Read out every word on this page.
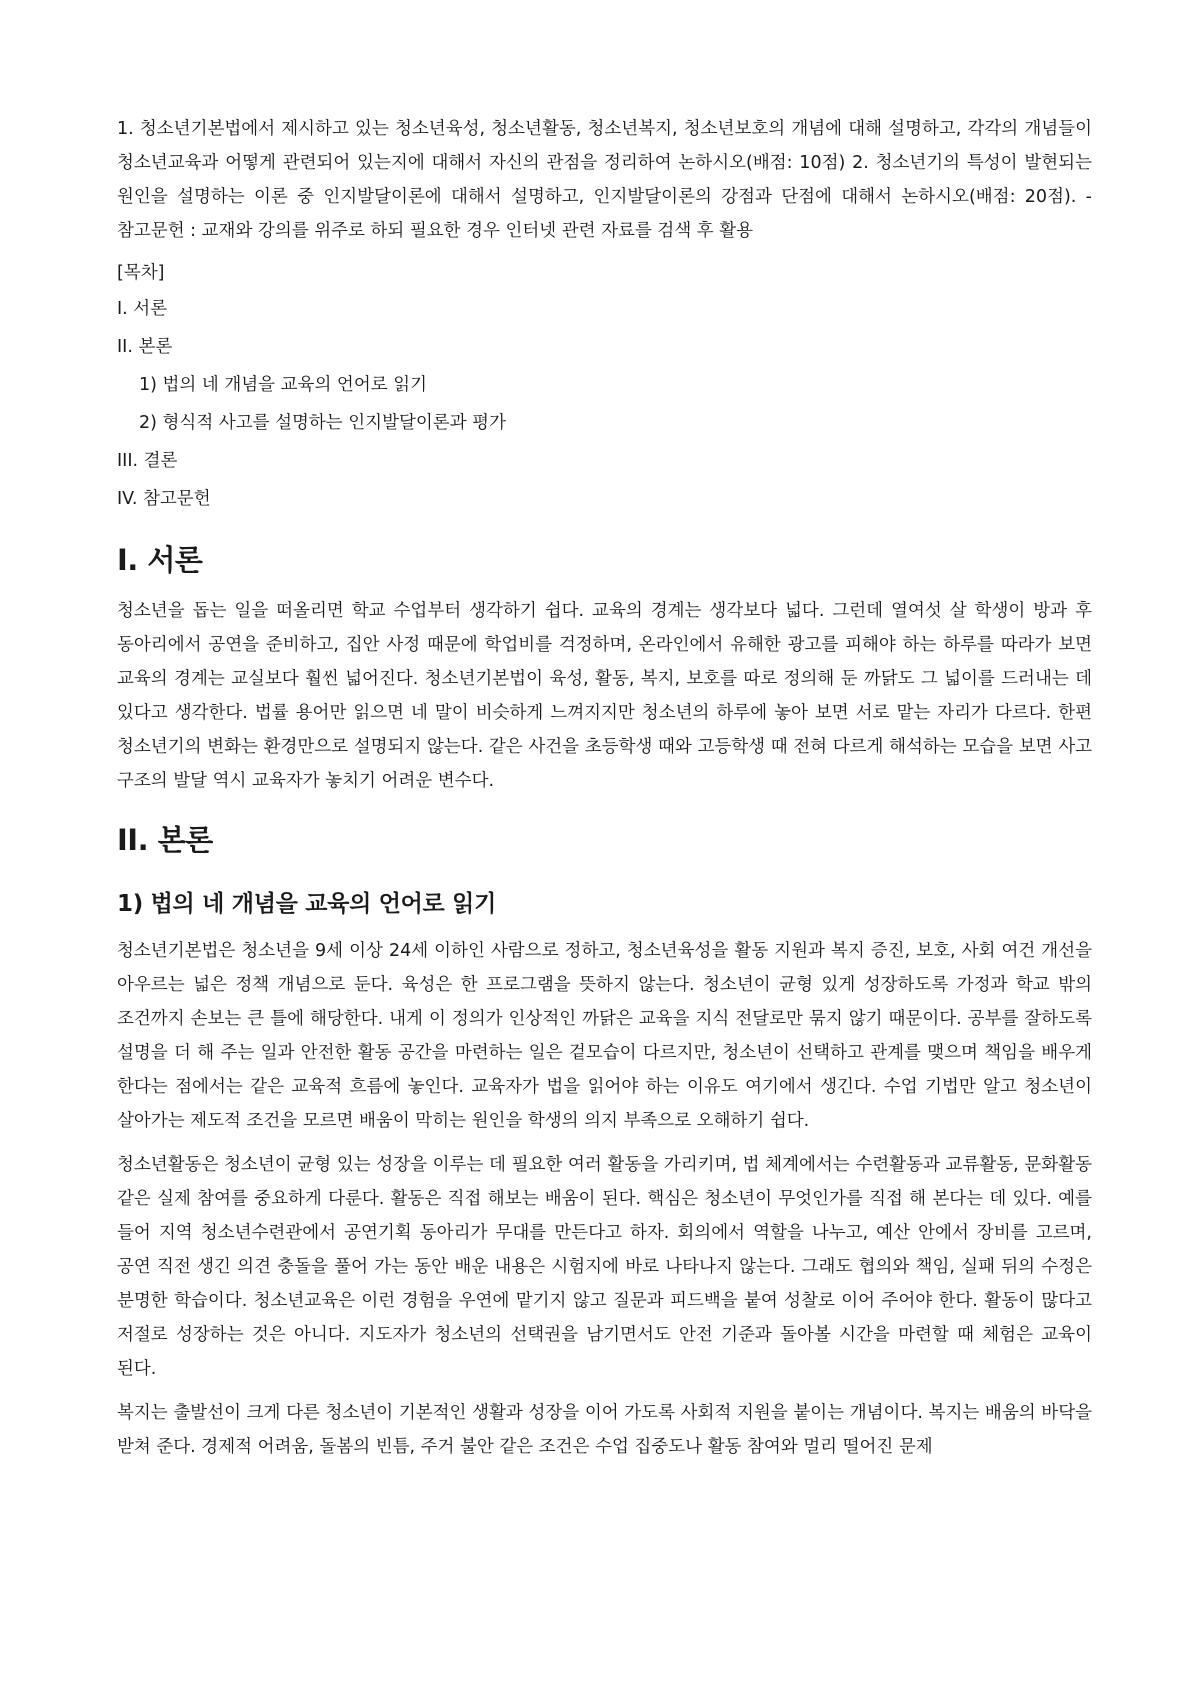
1. 청소년기본법에서 제시하고 있는 청소년육성, 청소년활동, 청소년복지, 청소년보호의 개념에 대해 설명하고, 각각의 개념들이 청소년교육과 어떻게 관련되어 있는지에 대해서 자신의 관점을 정리하여 논하시오(배점: 10점) 2. 청소년기의 특성이 발현되는 원인을 설명하는 이론 중 인지발달이론에 대해서 설명하고, 인지발달이론의 강점과 단점에 대해서 논하시오(배점: 20점). - 참고문헌 : 교재와 강의를 위주로 하되 필요한 경우 인터넷 관련 자료를 검색 후 활용

[목차]

I. 서론
II. 본론
1) 법의 네 개념을 교육의 언어로 읽기
2) 형식적 사고를 설명하는 인지발달이론과 평가
III. 결론
IV. 참고문헌
I. 서론

청소년을 돕는 일을 떠올리면 학교 수업부터 생각하기 쉽다. 교육의 경계는 생각보다 넓다. 그런데 열여섯 살 학생이 방과 후 동아리에서 공연을 준비하고, 집안 사정 때문에 학업비를 걱정하며, 온라인에서 유해한 광고를 피해야 하는 하루를 따라가 보면 교육의 경계는 교실보다 훨씬 넓어진다. 청소년기본법이 육성, 활동, 복지, 보호를 따로 정의해 둔 까닭도 그 넓이를 드러내는 데 있다고 생각한다. 법률 용어만 읽으면 네 말이 비슷하게 느껴지지만 청소년의 하루에 놓아 보면 서로 맡는 자리가 다르다. 한편 청소년기의 변화는 환경만으로 설명되지 않는다. 같은 사건을 초등학생 때와 고등학생 때 전혀 다르게 해석하는 모습을 보면 사고 구조의 발달 역시 교육자가 놓치기 어려운 변수다.

II. 본론
1) 법의 네 개념을 교육의 언어로 읽기

청소년기본법은 청소년을 9세 이상 24세 이하인 사람으로 정하고, 청소년육성을 활동 지원과 복지 증진, 보호, 사회 여건 개선을 아우르는 넓은 정책 개념으로 둔다. 육성은 한 프로그램을 뜻하지 않는다. 청소년이 균형 있게 성장하도록 가정과 학교 밖의 조건까지 손보는 큰 틀에 해당한다. 내게 이 정의가 인상적인 까닭은 교육을 지식 전달로만 묶지 않기 때문이다. 공부를 잘하도록 설명을 더 해 주는 일과 안전한 활동 공간을 마련하는 일은 겉모습이 다르지만, 청소년이 선택하고 관계를 맺으며 책임을 배우게 한다는 점에서는 같은 교육적 흐름에 놓인다. 교육자가 법을 읽어야 하는 이유도 여기에서 생긴다. 수업 기법만 알고 청소년이 살아가는 제도적 조건을 모르면 배움이 막히는 원인을 학생의 의지 부족으로 오해하기 쉽다.

청소년활동은 청소년이 균형 있는 성장을 이루는 데 필요한 여러 활동을 가리키며, 법 체계에서는 수련활동과 교류활동, 문화활동 같은 실제 참여를 중요하게 다룬다. 활동은 직접 해보는 배움이 된다. 핵심은 청소년이 무엇인가를 직접 해 본다는 데 있다. 예를 들어 지역 청소년수련관에서 공연기획 동아리가 무대를 만든다고 하자. 회의에서 역할을 나누고, 예산 안에서 장비를 고르며, 공연 직전 생긴 의견 충돌을 풀어 가는 동안 배운 내용은 시험지에 바로 나타나지 않는다. 그래도 협의와 책임, 실패 뒤의 수정은 분명한 학습이다. 청소년교육은 이런 경험을 우연에 맡기지 않고 질문과 피드백을 붙여 성찰로 이어 주어야 한다. 활동이 많다고 저절로 성장하는 것은 아니다. 지도자가 청소년의 선택권을 남기면서도 안전 기준과 돌아볼 시간을 마련할 때 체험은 교육이 된다.

복지는 출발선이 크게 다른 청소년이 기본적인 생활과 성장을 이어 가도록 사회적 지원을 붙이는 개념이다. 복지는 배움의 바닥을 받쳐 준다. 경제적 어려움, 돌봄의 빈틈, 주거 불안 같은 조건은 수업 집중도나 활동 참여와 멀리 떨어진 문제
